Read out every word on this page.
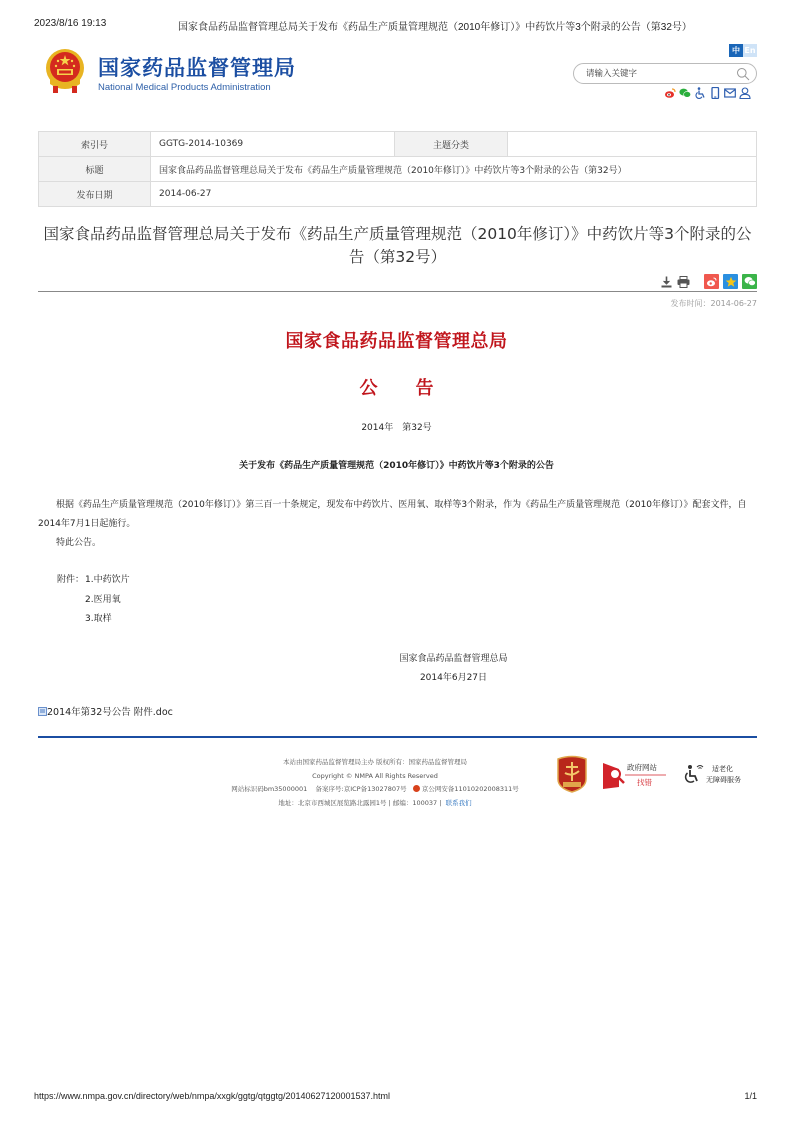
2023/8/16 19:13	国家食品药品监督管理总局关于发布《药品生产质量管理规范（2010年修订）》中药饮片等3个附录的公告（第32号）
国家药品监督管理局
National Medical Products Administration
中 En
请输入关键字
索引号	GGTG-2014-10369	主题分类	
标题	国家食品药品监督管理总局关于发布《药品生产质量管理规范（2010年修订）》中药饮片等3个附录的公告（第32号）		
发布日期	2014-06-27		
国家食品药品监督管理总局关于发布《药品生产质量管理规范（2010年修订）》中药饮片等3个附录的公告（第32号）
发布时间：2014-06-27
国家食品药品监督管理总局
公 告
2014年　第32号
关于发布《药品生产质量管理规范（2010年修订）》中药饮片等3个附录的公告

根据《药品生产质量管理规范（2010年修订）》第三百一十条规定，现发布中药饮片、医用氧、取样等3个附录，作为《药品生产质量管理规范（2010年修订）》配套文件，自2014年7月1日起施行。

特此公告。

附件： 1.中药饮片
2.医用氧
3.取样
国家食品药品监督管理总局
2014年6月27日
2014年第32号公告 附件.doc
本站由国家药品监督管理局主办 版权所有：国家药品监督管理局
Copyright © NMPA All Rights Reserved
网站标识码bm35000001 备案序号:京ICP备13027807号 京公网安备11010202008311号
地址：北京市西城区展览路北露园1号 | 邮编：100037 | 联系我们
政府网站
找错
适老化
无障碍服务
https://www.nmpa.gov.cn/directory/web/nmpa/xxgk/ggtg/qtggtg/20140627120001537.html	1/1
